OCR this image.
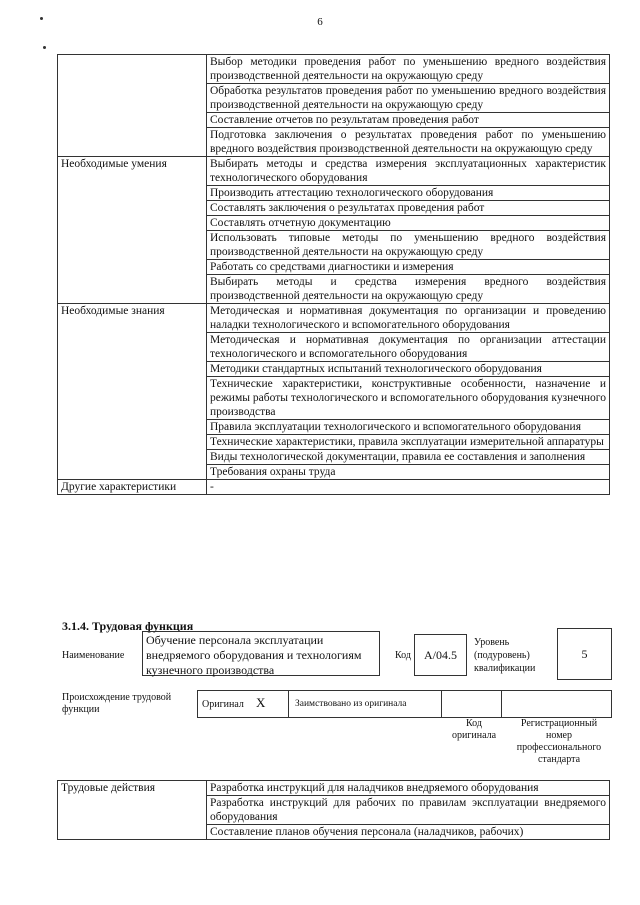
6
	Выбор методики проведения работ по уменьшению вредного воздействия производственной деятельности на окружающую среду
	Обработка результатов проведения работ по уменьшению вредного воздействия производственной деятельности на окружающую среду
	Составление отчетов по результатам проведения работ
	Подготовка заключения о результатах проведения работ по уменьшению вредного воздействия производственной деятельности на окружающую среду
Необходимые умения	Выбирать методы и средства измерения эксплуатационных характеристик технологического оборудования
	Производить аттестацию технологического оборудования
	Составлять заключения о результатах проведения работ
	Составлять отчетную документацию
	Использовать типовые методы по уменьшению вредного воздействия производственной деятельности на окружающую среду
	Работать со средствами диагностики и измерения
	Выбирать методы и средства измерения вредного воздействия производственной деятельности на окружающую среду
Необходимые знания	Методическая и нормативная документация по организации и проведению наладки технологического и вспомогательного оборудования
	Методическая и нормативная документация по организации аттестации технологического и вспомогательного оборудования
	Методики стандартных испытаний технологического оборудования
	Технические характеристики, конструктивные особенности, назначение и режимы работы технологического и вспомогательного оборудования кузнечного производства
	Правила эксплуатации технологического и вспомогательного оборудования
	Технические характеристики, правила эксплуатации измерительной аппаратуры
	Виды технологической документации, правила ее составления и заполнения
	Требования охраны труда
Другие характеристики	-
3.1.4. Трудовая функция
Наименование
Обучение персонала эксплуатации внедряемого оборудования и технологиям кузнечного производства
Код	А/04.5
Уровень (подуровень) квалификации
5
Происхождение трудовой функции	Оригинал X	Заимствовано из оригинала
Код оригинала
Регистрационный номер профессионального стандарта
Трудовые действия	Разработка инструкций для наладчиков внедряемого оборудования
Разработка инструкций для рабочих по правилам эксплуатации внедряемого оборудования
Составление планов обучения персонала (наладчиков, рабочих)
